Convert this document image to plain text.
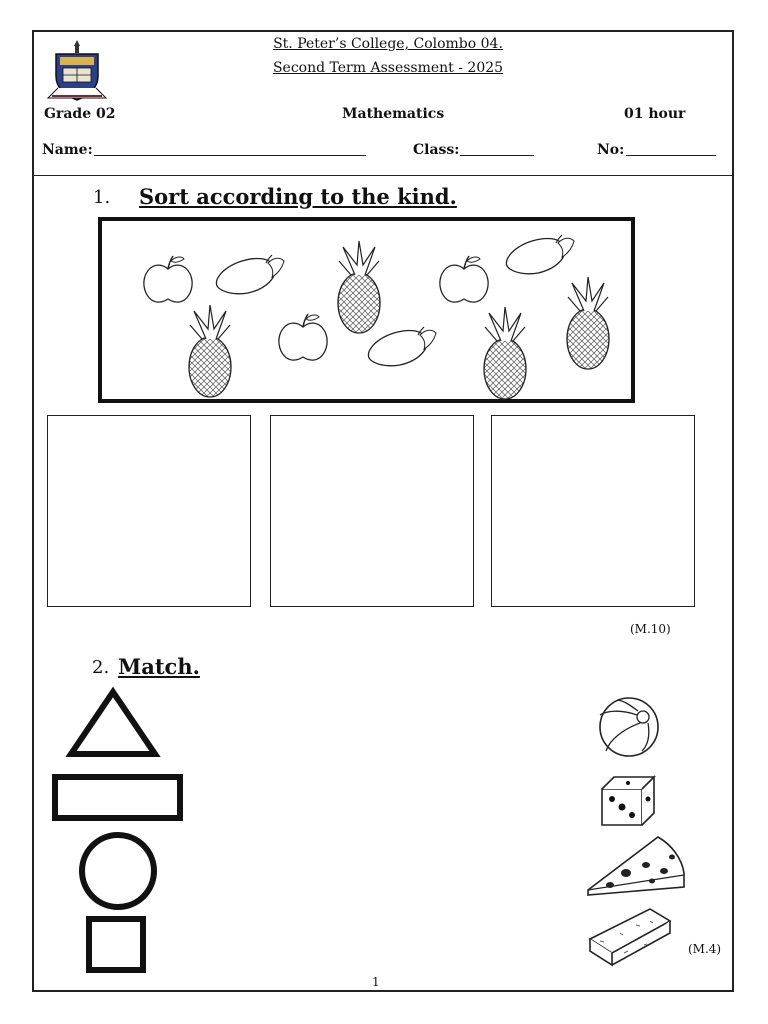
St. Peter’s College, Colombo 04.
Second Term Assessment - 2025
Grade 02	Mathematics	01 hour
Name:	Class:	No:
1. Sort according to the kind.
(M.10)
2. Match.
(M.4)
1
